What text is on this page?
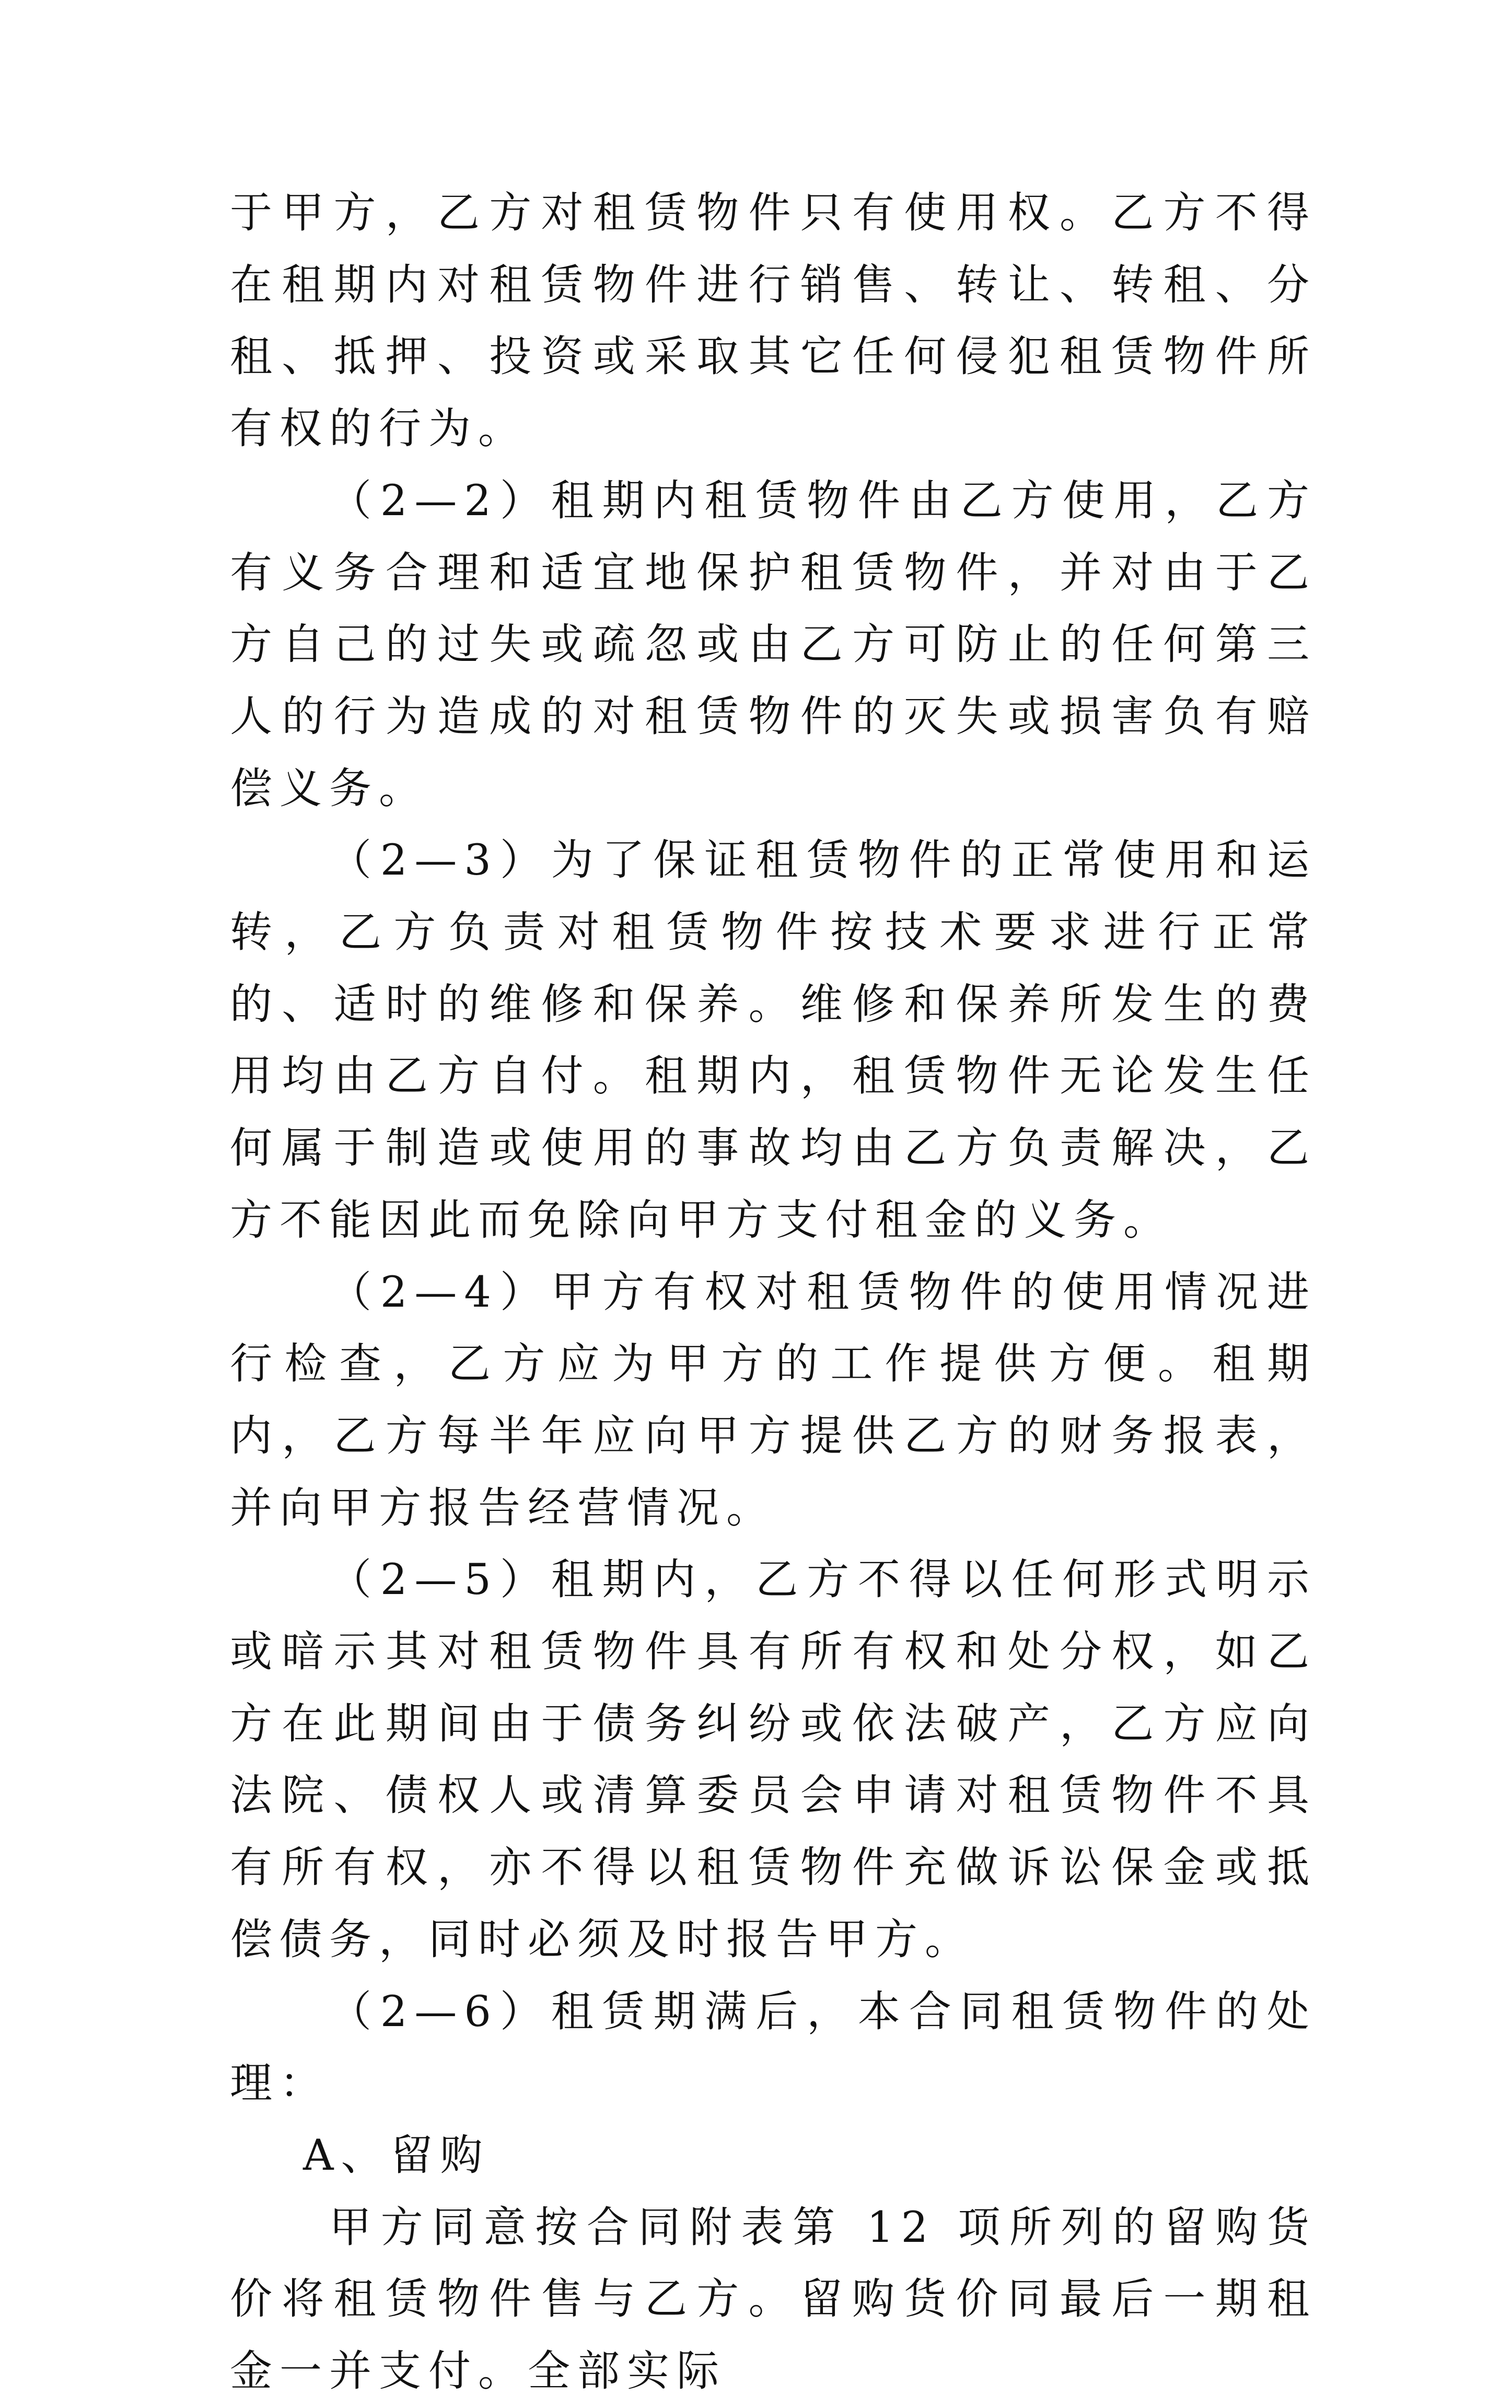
于甲方，乙方对租赁物件只有使用权。乙方不得在租期内对租赁物件进行销售、转让、转租、分租、抵押、投资或采取其它任何侵犯租赁物件所有权的行为。

（2—2）租期内租赁物件由乙方使用，乙方有义务合理和适宜地保护租赁物件，并对由于乙方自己的过失或疏忽或由乙方可防止的任何第三人的行为造成的对租赁物件的灭失或损害负有赔偿义务。

（2—3）为了保证租赁物件的正常使用和运转，乙方负责对租赁物件按技术要求进行正常的、适时的维修和保养。维修和保养所发生的费用均由乙方自付。租期内，租赁物件无论发生任何属于制造或使用的事故均由乙方负责解决，乙方不能因此而免除向甲方支付租金的义务。

（2—4）甲方有权对租赁物件的使用情况进行检查，乙方应为甲方的工作提供方便。租期内，乙方每半年应向甲方提供乙方的财务报表，并向甲方报告经营情况。

（2—5）租期内，乙方不得以任何形式明示或暗示其对租赁物件具有所有权和处分权，如乙方在此期间由于债务纠纷或依法破产，乙方应向法院、债权人或清算委员会申请对租赁物件不具有所有权，亦不得以租赁物件充做诉讼保金或抵偿债务，同时必须及时报告甲方。

（2—6）租赁期满后，本合同租赁物件的处理：

A、留购

甲方同意按合同附表第 12 项所列的留购货价将租赁物件售与乙方。留购货价同最后一期租金一并支付。全部实际
